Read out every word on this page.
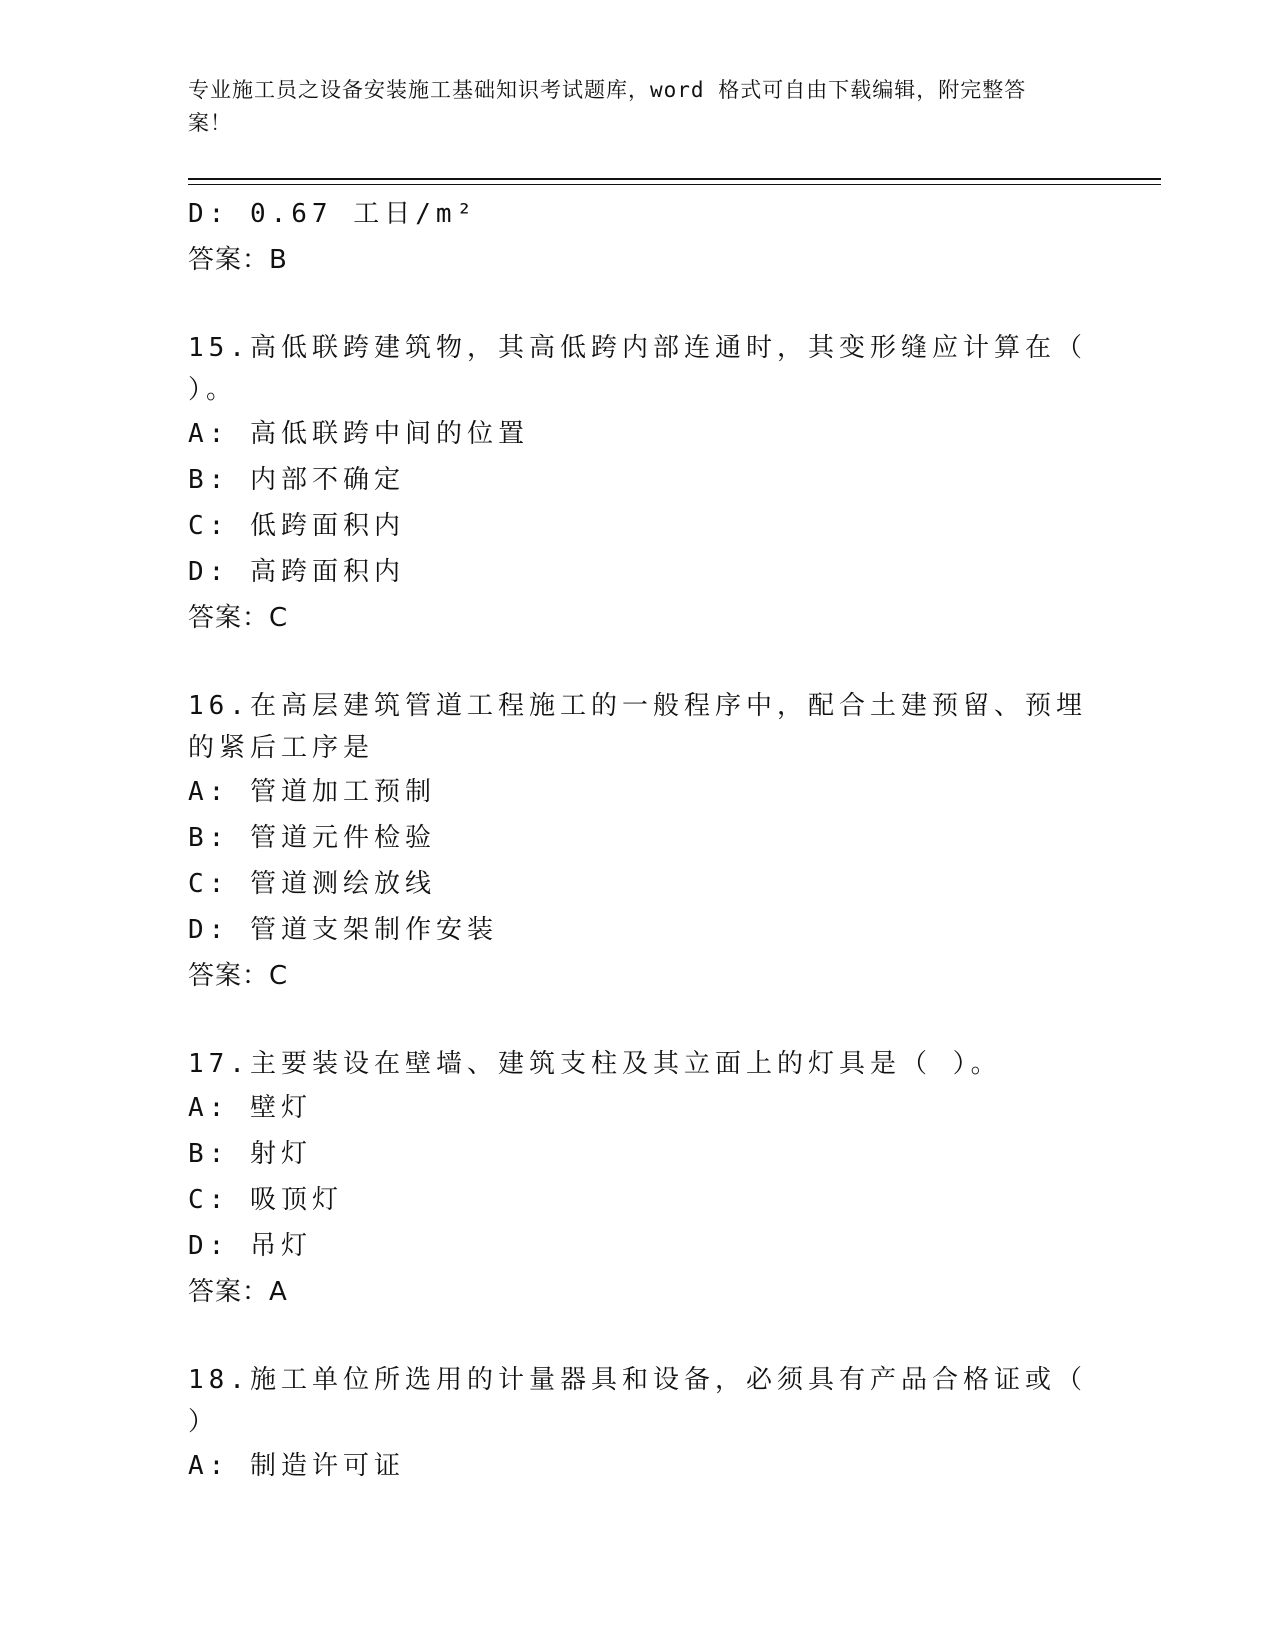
专业施工员之设备安装施工基础知识考试题库，word 格式可自由下载编辑，附完整答案！
D: 0.67 工日/m²
答案：B
15.高低联跨建筑物，其高低跨内部连通时，其变形缝应计算在（ ）。
A: 高低联跨中间的位置
B: 内部不确定
C: 低跨面积内
D: 高跨面积内
答案：C
16.在高层建筑管道工程施工的一般程序中，配合土建预留、预埋的紧后工序是
A: 管道加工预制
B: 管道元件检验
C: 管道测绘放线
D: 管道支架制作安装
答案：C
17.主要装设在壁墙、建筑支柱及其立面上的灯具是（ ）。
A: 壁灯
B: 射灯
C: 吸顶灯
D: 吊灯
答案：A
18.施工单位所选用的计量器具和设备，必须具有产品合格证或（ ）
A: 制造许可证
